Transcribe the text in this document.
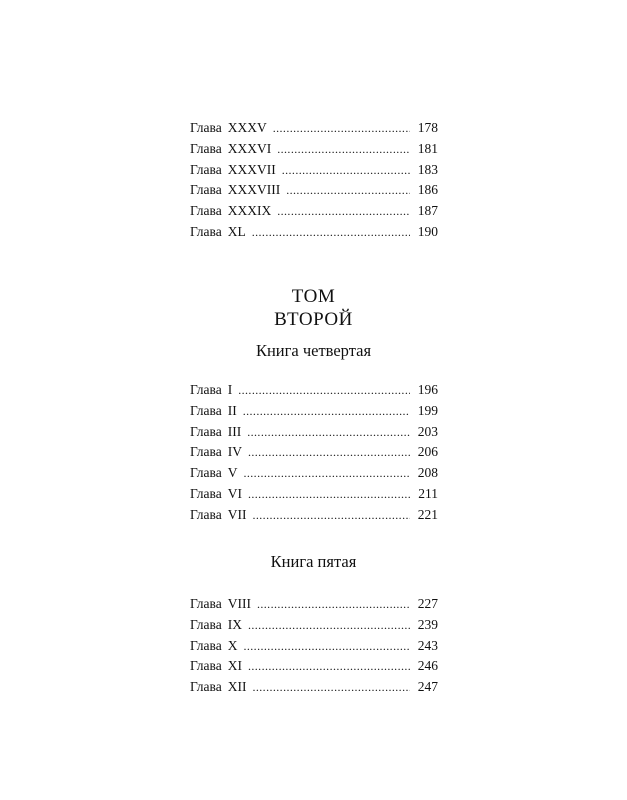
Глава XXXV .....	178
Глава XXXVI .....	181
Глава XXXVII .....	183
Глава XXXVIII .....	186
Глава XXXIX .....	187
Глава XL .....	190
ТОМ
ВТОРОЙ
Книга четвертая
Глава I .....	196
Глава II .....	199
Глава III .....	203
Глава IV .....	206
Глава V .....	208
Глава VI .....	211
Глава VII .....	221
Книга пятая
Глава VIII .....	227
Глава IX .....	239
Глава X .....	243
Глава XI .....	246
Глава XII .....	247
